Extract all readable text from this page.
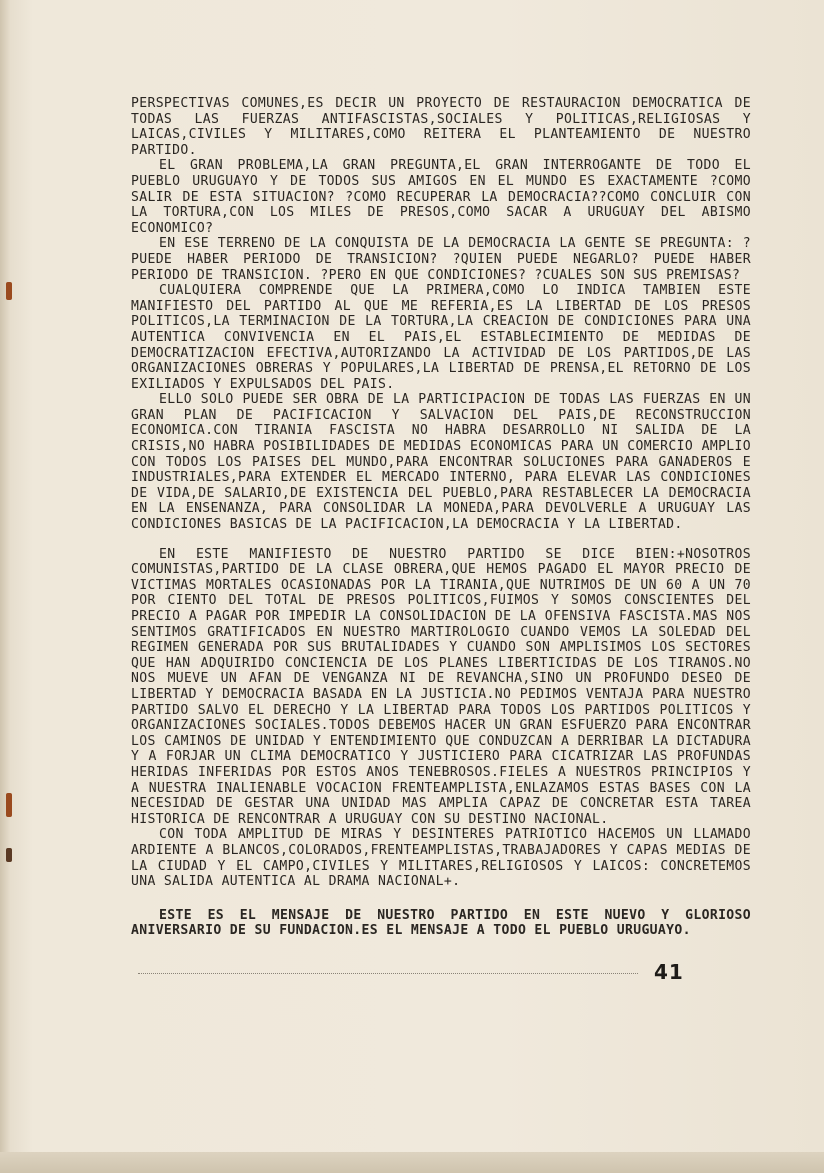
PERSPECTIVAS COMUNES,ES DECIR UN PROYECTO DE RESTAURACION DEMOCRATICA DE TODAS LAS FUERZAS ANTIFASCISTAS,SOCIALES Y POLITICAS,RELIGIOSAS Y LAICAS,CIVILES Y MILITARES,COMO REITERA EL PLANTEAMIENTO DE NUESTRO PARTIDO.

EL GRAN PROBLEMA,LA GRAN PREGUNTA,EL GRAN INTERROGANTE DE TODO EL PUEBLO URUGUAYO Y DE TODOS SUS AMIGOS EN EL MUNDO ES EXACTAMENTE ?COMO SALIR DE ESTA SITUACION? ?COMO RECUPERAR LA DEMOCRACIA??COMO CONCLUIR CON LA TORTURA,CON LOS MILES DE PRESOS,COMO SACAR A URUGUAY DEL ABISMO ECONOMICO?

EN ESE TERRENO DE LA CONQUISTA DE LA DEMOCRACIA LA GENTE SE PREGUNTA: ?PUEDE HABER PERIODO DE TRANSICION? ?QUIEN PUEDE NEGARLO? PUEDE HABER PERIODO DE TRANSICION. ?PERO EN QUE CONDICIONES? ?CUALES SON SUS PREMISAS?

CUALQUIERA COMPRENDE QUE LA PRIMERA,COMO LO INDICA TAMBIEN ESTE MANIFIESTO DEL PARTIDO AL QUE ME REFERIA,ES LA LIBERTAD DE LOS PRESOS POLITICOS,LA TERMINACION DE LA TORTURA,LA CREACION DE CONDICIONES PARA UNA AUTENTICA CONVIVENCIA EN EL PAIS,EL ESTABLECIMIENTO DE MEDIDAS DE DEMOCRATIZACION EFECTIVA,AUTORIZANDO LA ACTIVIDAD DE LOS PARTIDOS,DE LAS ORGANIZACIONES OBRERAS Y POPULARES,LA LIBERTAD DE PRENSA,EL RETORNO DE LOS EXILIADOS Y EXPULSADOS DEL PAIS.

ELLO SOLO PUEDE SER OBRA DE LA PARTICIPACION DE TODAS LAS FUERZAS EN UN GRAN PLAN DE PACIFICACION Y SALVACION DEL PAIS,DE RECONSTRUCCION ECONOMICA.CON TIRANIA FASCISTA NO HABRA DESARROLLO NI SALIDA DE LA CRISIS,NO HABRA POSIBILIDADES DE MEDIDAS ECONOMICAS PARA UN COMERCIO AMPLIO CON TODOS LOS PAISES DEL MUNDO,PARA ENCONTRAR SOLUCIONES PARA GANADEROS E INDUSTRIALES,PARA EXTENDER EL MERCADO INTERNO, PARA ELEVAR LAS CONDICIONES DE VIDA,DE SALARIO,DE EXISTENCIA DEL PUEBLO,PARA RESTABLECER LA DEMOCRACIA EN LA ENSENANZA, PARA CONSOLIDAR LA MONEDA,PARA DEVOLVERLE A URUGUAY LAS CONDICIONES BASICAS DE LA PACIFICACION,LA DEMOCRACIA Y LA LIBERTAD.

EN ESTE MANIFIESTO DE NUESTRO PARTIDO SE DICE BIEN:+NOSOTROS COMUNISTAS,PARTIDO DE LA CLASE OBRERA,QUE HEMOS PAGADO EL MAYOR PRECIO DE VICTIMAS MORTALES OCASIONADAS POR LA TIRANIA,QUE NUTRIMOS DE UN 60 A UN 70 POR CIENTO DEL TOTAL DE PRESOS POLITICOS,FUIMOS Y SOMOS CONSCIENTES DEL PRECIO A PAGAR POR IMPEDIR LA CONSOLIDACION DE LA OFENSIVA FASCISTA.MAS NOS SENTIMOS GRATIFICADOS EN NUESTRO MARTIROLOGIO CUANDO VEMOS LA SOLEDAD DEL REGIMEN GENERADA POR SUS BRUTALIDADES Y CUANDO SON AMPLISIMOS LOS SECTORES QUE HAN ADQUIRIDO CONCIENCIA DE LOS PLANES LIBERTICIDAS DE LOS TIRANOS.NO NOS MUEVE UN AFAN DE VENGANZA NI DE REVANCHA,SINO UN PROFUNDO DESEO DE LIBERTAD Y DEMOCRACIA BASADA EN LA JUSTICIA.NO PEDIMOS VENTAJA PARA NUESTRO PARTIDO SALVO EL DERECHO Y LA LIBERTAD PARA TODOS LOS PARTIDOS POLITICOS Y ORGANIZACIONES SOCIALES.TODOS DEBEMOS HACER UN GRAN ESFUERZO PARA ENCONTRAR LOS CAMINOS DE UNIDAD Y ENTENDIMIENTO QUE CONDUZCAN A DERRIBAR LA DICTADURA Y A FORJAR UN CLIMA DEMOCRATICO Y JUSTICIERO PARA CICATRIZAR LAS PROFUNDAS HERIDAS INFERIDAS POR ESTOS ANOS TENEBROSOS.FIELES A NUESTROS PRINCIPIOS Y A NUESTRA INALIENABLE VOCACION FRENTEAMPLISTA,ENLAZAMOS ESTAS BASES CON LA NECESIDAD DE GESTAR UNA UNIDAD MAS AMPLIA CAPAZ DE CONCRETAR ESTA TAREA HISTORICA DE RENCONTRAR A URUGUAY CON SU DESTINO NACIONAL.

CON TODA AMPLITUD DE MIRAS Y DESINTERES PATRIOTICO HACEMOS UN LLAMADO ARDIENTE A BLANCOS,COLORADOS,FRENTEAMPLISTAS,TRABAJADORES Y CAPAS MEDIAS DE LA CIUDAD Y EL CAMPO,CIVILES Y MILITARES,RELIGIOSOS Y LAICOS: CONCRETEMOS UNA SALIDA AUTENTICA AL DRAMA NACIONAL+.

ESTE ES EL MENSAJE DE NUESTRO PARTIDO EN ESTE NUEVO Y GLORIOSO ANIVERSARIO DE SU FUNDACION.ES EL MENSAJE A TODO EL PUEBLO URUGUAYO.

41
